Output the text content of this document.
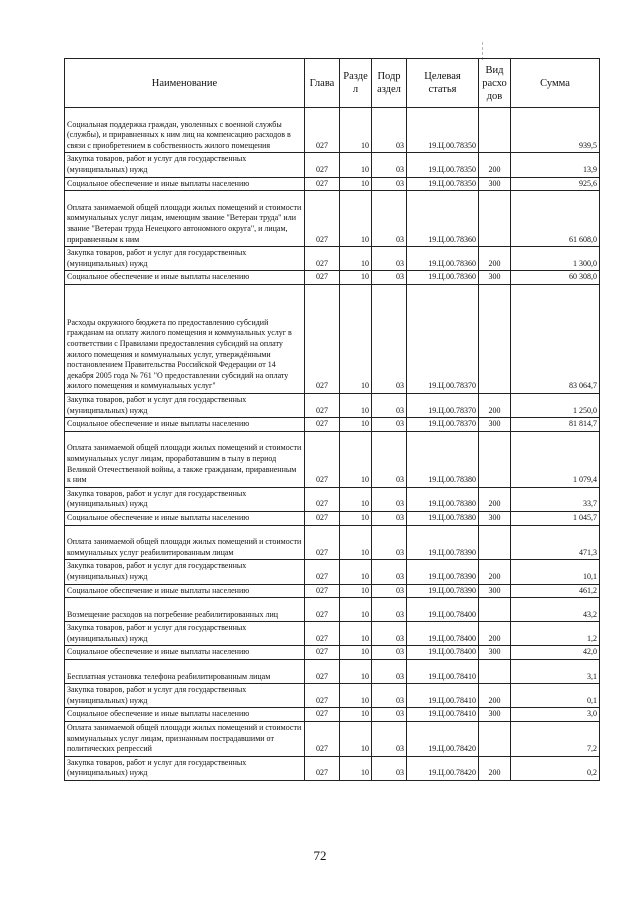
Наименование	Глава	Разде л	Подр аздел	Целевая статья	Вид расхо дов	Сумма
Социальная поддержка граждан, уволенных с военной службы (службы), и приравненных к ним лиц на компенсацию расходов в связи с приобретением в собственность жилого помещения	027	10	03	19.Ц.00.78350		939,5
Закупка товаров, работ и услуг для государственных (муниципальных) нужд	027	10	03	19.Ц.00.78350	200	13,9
Социальное обеспечение и иные выплаты населению	027	10	03	19.Ц.00.78350	300	925,6
Оплата занимаемой общей площади жилых помещений и стоимости коммунальных услуг лицам, имеющим звание "Ветеран труда" или звание "Ветеран труда Ненецкого автономного округа", и лицам, приравненным к ним	027	10	03	19.Ц.00.78360		61 608,0
Закупка товаров, работ и услуг для государственных (муниципальных) нужд	027	10	03	19.Ц.00.78360	200	1 300,0
Социальное обеспечение и иные выплаты населению	027	10	03	19.Ц.00.78360	300	60 308,0
Расходы окружного бюджета по предоставлению субсидий гражданам на оплату жилого помещения и коммунальных услуг в соответствии с Правилами предоставления субсидий на оплату жилого помещения и коммунальных услуг, утверждёнными постановлением Правительства Российской Федерации от 14 декабря 2005 года № 761 "О предоставлении субсидий на оплату жилого помещения и коммунальных услуг"	027	10	03	19.Ц.00.78370		83 064,7
Закупка товаров, работ и услуг для государственных (муниципальных) нужд	027	10	03	19.Ц.00.78370	200	1 250,0
Социальное обеспечение и иные выплаты населению	027	10	03	19.Ц.00.78370	300	81 814,7
Оплата занимаемой общей площади жилых помещений и стоимости коммунальных услуг лицам, проработавшим в тылу в период Великой Отечественной войны, а также гражданам, приравненным к ним	027	10	03	19.Ц.00.78380		1 079,4
Закупка товаров, работ и услуг для государственных (муниципальных) нужд	027	10	03	19.Ц.00.78380	200	33,7
Социальное обеспечение и иные выплаты населению	027	10	03	19.Ц.00.78380	300	1 045,7
Оплата занимаемой общей площади жилых помещений и стоимости коммунальных услуг реабилитированным лицам	027	10	03	19.Ц.00.78390		471,3
Закупка товаров, работ и услуг для государственных (муниципальных) нужд	027	10	03	19.Ц.00.78390	200	10,1
Социальное обеспечение и иные выплаты населению	027	10	03	19.Ц.00.78390	300	461,2
Возмещение расходов на погребение реабилитированных лиц	027	10	03	19.Ц.00.78400		43,2
Закупка товаров, работ и услуг для государственных (муниципальных) нужд	027	10	03	19.Ц.00.78400	200	1,2
Социальное обеспечение и иные выплаты населению	027	10	03	19.Ц.00.78400	300	42,0
Бесплатная установка телефона реабилитированным лицам	027	10	03	19.Ц.00.78410		3,1
Закупка товаров, работ и услуг для государственных (муниципальных) нужд	027	10	03	19.Ц.00.78410	200	0,1
Социальное обеспечение и иные выплаты населению	027	10	03	19.Ц.00.78410	300	3,0
Оплата занимаемой общей площади жилых помещений и стоимости коммунальных услуг лицам, признанным пострадавшими от политических репрессий	027	10	03	19.Ц.00.78420		7,2
Закупка товаров, работ и услуг для государственных (муниципальных) нужд	027	10	03	19.Ц.00.78420	200	0,2
72
